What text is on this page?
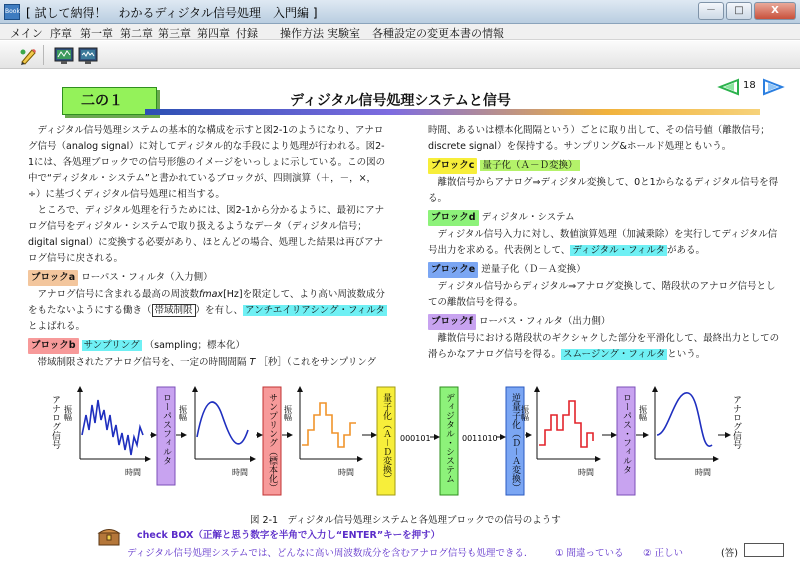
Book [ 試して納得！　わかるディジタル信号処理　入門編 ]	－	□	X
メイン 序章 第一章 第二章 第三章 第四章 付録 操作方法 実験室 各種設定の変更 本書の情報
二の１	ディジタル信号処理システムと信号
18

ディジタル信号処理システムの基本的な構成を示すと図2-1のようになり、アナログ信号（analog signal）に対してディジタル的な手段により処理が行われる。図2-1には、各処理ブロックでの信号形態のイメージをいっしょに示している。この図の中で“ディジタル・システム”と書かれているブロックが、四則演算（＋，－，×，÷）に基づくディジタル信号処理に相当する。

ところで、ディジタル処理を行うためには、図2-1から分かるように、最初にアナログ信号をディジタル・システムで取り扱えるようなデータ（ディジタル信号；digital signal）に変換する必要があり、ほとんどの場合、処理した結果は再びアナログ信号に戻される。

ブロックa ローパス・フィルタ（入力側）

アナログ信号に含まれる最高の周波数fmax[Hz]を限定して、より高い周波数成分をもたないようにする働き（ 帯域制限 ）を有し、 アンチエイリアシング・フィルタとよばれる。

ブロックb サンプリング （sampling；標本化）

帯域制限されたアナログ信号を、一定の時間間隔 T ［秒］（これをサンプリング

時間、あるいは標本化間隔という）ごとに取り出して、その信号値（離散信号；discrete signal）を保持する。サンプリング&ホールド処理ともいう。

ブロックc 量子化（Ａ－Ｄ変換）

離散信号からアナログ⇒ディジタル変換して、0と1からなるディジタル信号を得る。

ブロックd ディジタル・システム

ディジタル信号入力に対し、数値演算処理（加減乗除）を実行してディジタル信号出力を求める。代表例として、 ディジタル・フィルタ がある。

ブロックe 逆量子化（Ｄ－Ａ変換）

ディジタル信号からディジタル⇒アナログ変換して、階段状のアナログ信号としての離散信号を得る。

ブロックf ローパス・フィルタ（出力側）

離散信号における階段状のギクシャクした部分を平滑化して、最終出力としての滑らかなアナログ信号を得る。 スムージング・フィルタ という。

アナログ信号 振幅
時間
ローパスフィルタ 振幅
時間 サンプリング（標本化） 振幅
時間	量子化（Ａ－Ｄ変換） 000101 ディジタル・システム 0011010 逆量子化（Ｄ－Ａ変換） 振幅
時間	ローパス・フィルタ 振幅
時間
アナログ信号
図 2-1　ディジタル信号処理システムと各処理ブロックでの信号のようす
check BOX（正解と思う数字を半角で入力し“ENTER”キーを押す）
ディジタル信号処理システムでは、どんなに高い周波数成分を含むアナログ信号も処理できる.	① 間違っている ② 正しい	(答)
